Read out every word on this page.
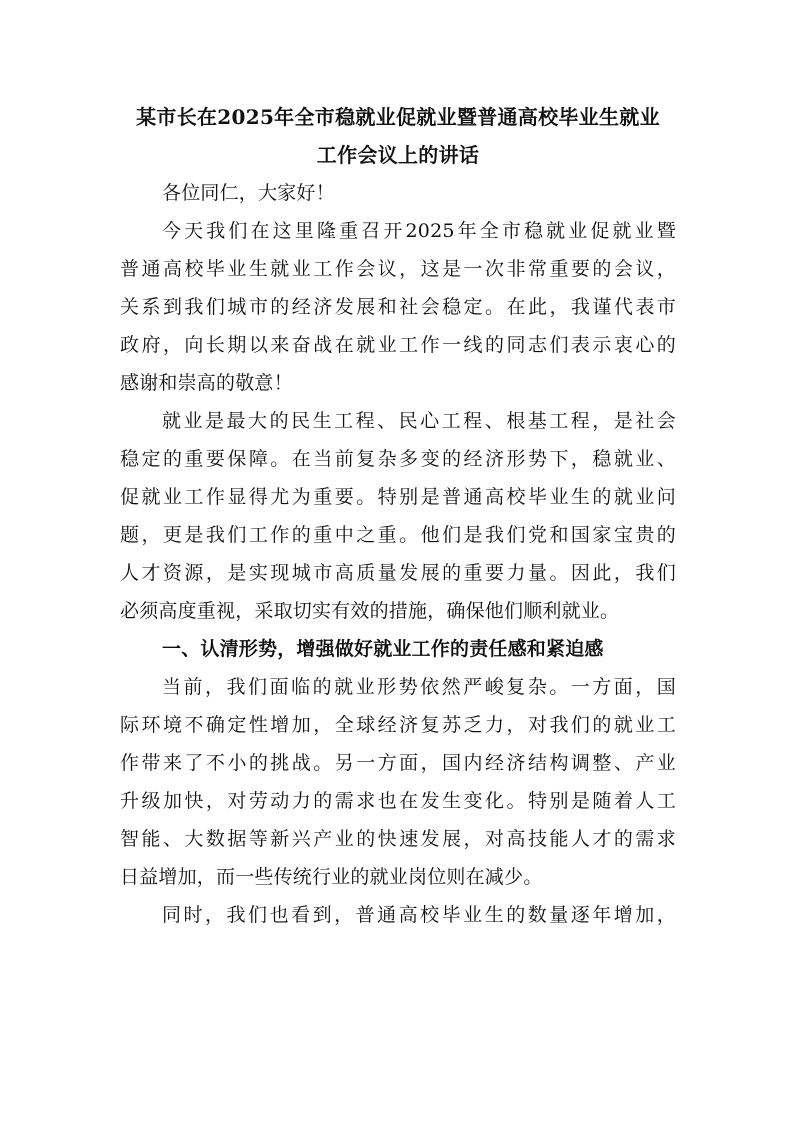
某市长在2025年全市稳就业促就业暨普通高校毕业生就业
工作会议上的讲话

各位同仁，大家好！

今天我们在这里隆重召开2025年全市稳就业促就业暨
普通高校毕业生就业工作会议，这是一次非常重要的会议，
关系到我们城市的经济发展和社会稳定。在此，我谨代表市
政府，向长期以来奋战在就业工作一线的同志们表示衷心的
感谢和崇高的敬意！

就业是最大的民生工程、民心工程、根基工程，是社会
稳定的重要保障。在当前复杂多变的经济形势下，稳就业、
促就业工作显得尤为重要。特别是普通高校毕业生的就业问
题，更是我们工作的重中之重。他们是我们党和国家宝贵的
人才资源，是实现城市高质量发展的重要力量。因此，我们
必须高度重视，采取切实有效的措施，确保他们顺利就业。

一、认清形势，增强做好就业工作的责任感和紧迫感

当前，我们面临的就业形势依然严峻复杂。一方面，国
际环境不确定性增加，全球经济复苏乏力，对我们的就业工
作带来了不小的挑战。另一方面，国内经济结构调整、产业
升级加快，对劳动力的需求也在发生变化。特别是随着人工
智能、大数据等新兴产业的快速发展，对高技能人才的需求
日益增加，而一些传统行业的就业岗位则在减少。

同时，我们也看到，普通高校毕业生的数量逐年增加，
